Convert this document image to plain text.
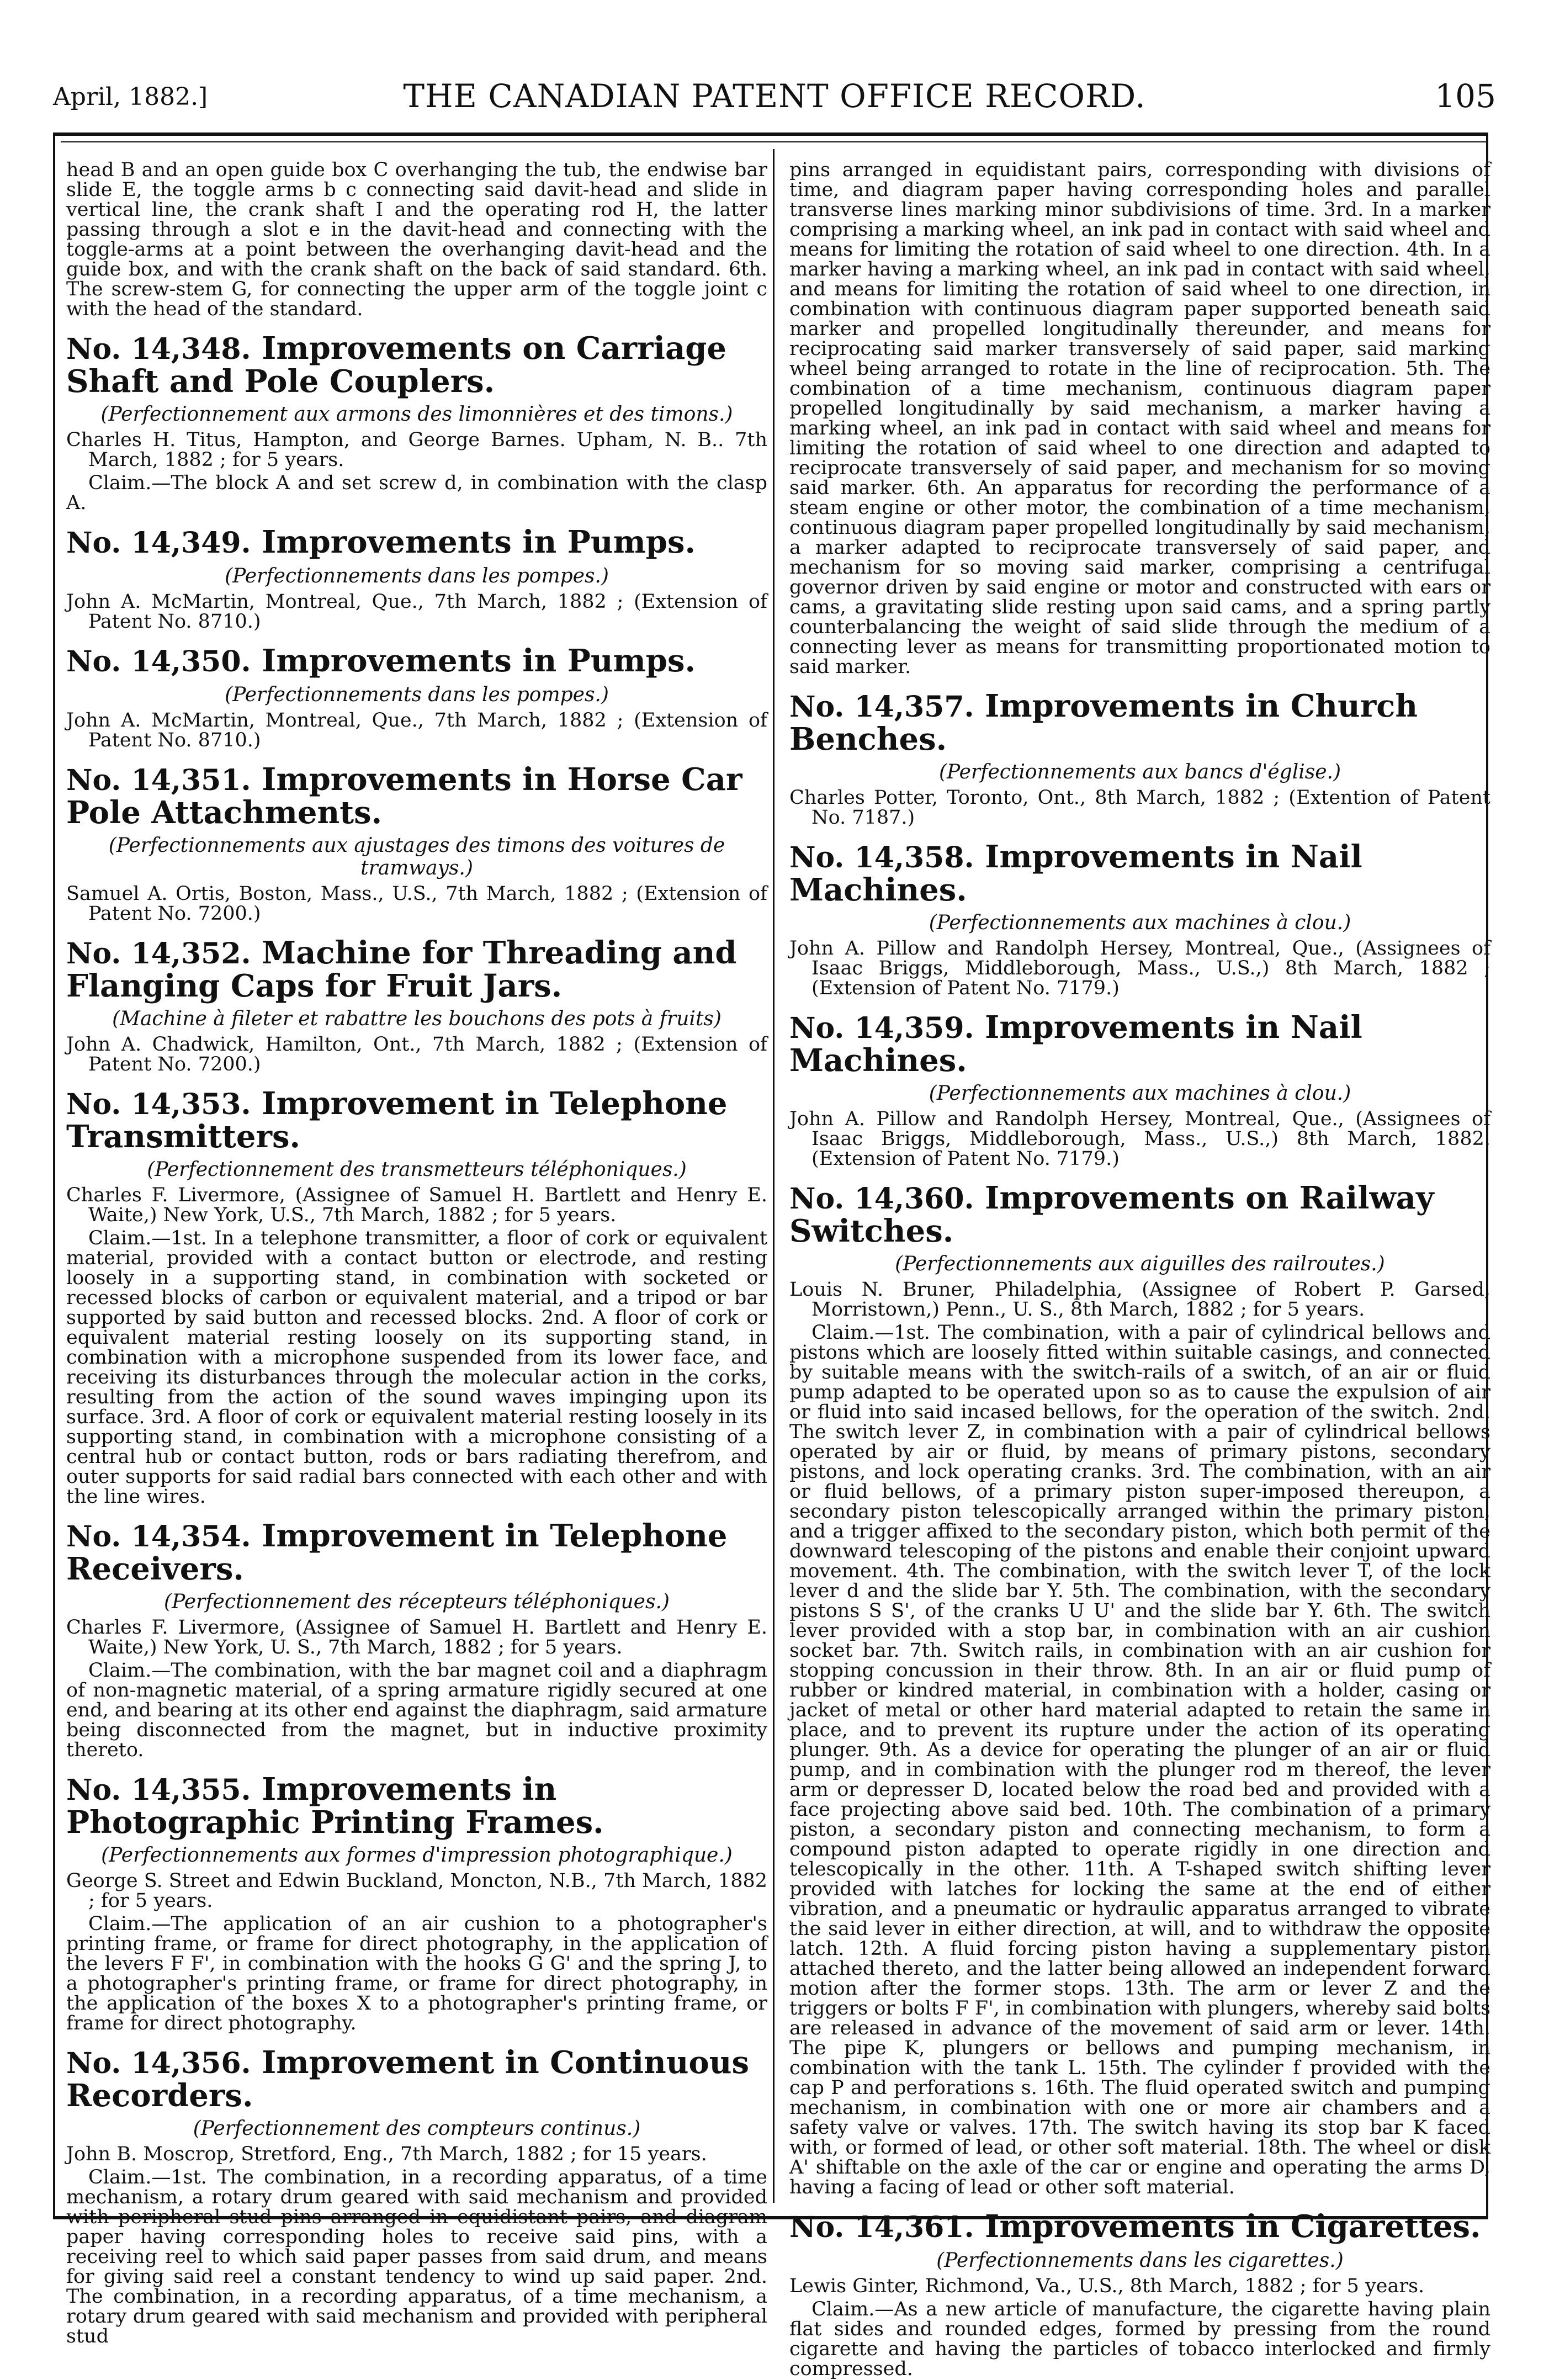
April, 1882.]	THE CANADIAN PATENT OFFICE RECORD.	105

head B and an open guide box C overhanging the tub, the endwise bar slide E, the toggle arms b c connecting said davit-head and slide in vertical line, the crank shaft I and the operating rod H, the latter passing through a slot e in the davit-head and connecting with the toggle-arms at a point between the overhanging davit-head and the guide box, and with the crank shaft on the back of said standard. 6th. The screw-stem G, for connecting the upper arm of the toggle joint c with the head of the standard.

No. 14,348. Improvements on Carriage Shaft and Pole Couplers.

(Perfectionnement aux armons des limonnières et des timons.)

Charles H. Titus, Hampton, and George Barnes. Upham, N. B.. 7th March, 1882 ; for 5 years.

Claim.—The block A and set screw d, in combination with the clasp A.

No. 14,349. Improvements in Pumps.

(Perfectionnements dans les pompes.)

John A. McMartin, Montreal, Que., 7th March, 1882 ; (Extension of Patent No. 8710.)

No. 14,350. Improvements in Pumps.

(Perfectionnements dans les pompes.)

John A. McMartin, Montreal, Que., 7th March, 1882 ; (Extension of Patent No. 8710.)

No. 14,351. Improvements in Horse Car Pole Attachments.

(Perfectionnements aux ajustages des timons des voitures de tramways.)

Samuel A. Ortis, Boston, Mass., U.S., 7th March, 1882 ; (Extension of Patent No. 7200.)

No. 14,352. Machine for Threading and Flanging Caps for Fruit Jars.

(Machine à fileter et rabattre les bouchons des pots à fruits)

John A. Chadwick, Hamilton, Ont., 7th March, 1882 ; (Extension of Patent No. 7200.)

No. 14,353. Improvement in Telephone Transmitters.

(Perfectionnement des transmetteurs téléphoniques.)

Charles F. Livermore, (Assignee of Samuel H. Bartlett and Henry E. Waite,) New York, U.S., 7th March, 1882 ; for 5 years.

Claim.—1st. In a telephone transmitter, a floor of cork or equivalent material, provided with a contact button or electrode, and resting loosely in a supporting stand, in combination with socketed or recessed blocks of carbon or equivalent material, and a tripod or bar supported by said button and recessed blocks. 2nd. A floor of cork or equivalent material resting loosely on its supporting stand, in combination with a microphone suspended from its lower face, and receiving its disturbances through the molecular action in the corks, resulting from the action of the sound waves impinging upon its surface. 3rd. A floor of cork or equivalent material resting loosely in its supporting stand, in combination with a microphone consisting of a central hub or contact button, rods or bars radiating therefrom, and outer supports for said radial bars connected with each other and with the line wires.

No. 14,354. Improvement in Telephone Receivers.

(Perfectionnement des récepteurs téléphoniques.)

Charles F. Livermore, (Assignee of Samuel H. Bartlett and Henry E. Waite,) New York, U. S., 7th March, 1882 ; for 5 years.

Claim.—The combination, with the bar magnet coil and a diaphragm of non-magnetic material, of a spring armature rigidly secured at one end, and bearing at its other end against the diaphragm, said armature being disconnected from the magnet, but in inductive proximity thereto.

No. 14,355. Improvements in Photographic Printing Frames.

(Perfectionnements aux formes d'impression photographique.)

George S. Street and Edwin Buckland, Moncton, N.B., 7th March, 1882 ; for 5 years.

Claim.—The application of an air cushion to a photographer's printing frame, or frame for direct photography, in the application of the levers F F', in combination with the hooks G G' and the spring J, to a photographer's printing frame, or frame for direct photography, in the application of the boxes X to a photographer's printing frame, or frame for direct photography.

No. 14,356. Improvement in Continuous Recorders.

(Perfectionnement des compteurs continus.)

John B. Moscrop, Stretford, Eng., 7th March, 1882 ; for 15 years.

Claim.—1st. The combination, in a recording apparatus, of a time mechanism, a rotary drum geared with said mechanism and provided with peripheral stud pins arranged in equidistant pairs, and diagram paper having corresponding holes to receive said pins, with a receiving reel to which said paper passes from said drum, and means for giving said reel a constant tendency to wind up said paper. 2nd. The combination, in a recording apparatus, of a time mechanism, a rotary drum geared with said mechanism and provided with peripheral stud

pins arranged in equidistant pairs, corresponding with divisions of time, and diagram paper having corresponding holes and parallel transverse lines marking minor subdivisions of time. 3rd. In a marker comprising a marking wheel, an ink pad in contact with said wheel and means for limiting the rotation of said wheel to one direction. 4th. In a marker having a marking wheel, an ink pad in contact with said wheel, and means for limiting the rotation of said wheel to one direction, in combination with continuous diagram paper supported beneath said marker and propelled longitudinally thereunder, and means for reciprocating said marker transversely of said paper, said marking wheel being arranged to rotate in the line of reciprocation. 5th. The combination of a time mechanism, continuous diagram paper propelled longitudinally by said mechanism, a marker having a marking wheel, an ink pad in contact with said wheel and means for limiting the rotation of said wheel to one direction and adapted to reciprocate transversely of said paper, and mechanism for so moving said marker. 6th. An apparatus for recording the performance of a steam engine or other motor, the combination of a time mechanism, continuous diagram paper propelled longitudinally by said mechanism, a marker adapted to reciprocate transversely of said paper, and mechanism for so moving said marker, comprising a centrifugal governor driven by said engine or motor and constructed with ears or cams, a gravitating slide resting upon said cams, and a spring partly counterbalancing the weight of said slide through the medium of a connecting lever as means for transmitting proportionated motion to said marker.

No. 14,357. Improvements in Church Benches.

(Perfectionnements aux bancs d'église.)

Charles Potter, Toronto, Ont., 8th March, 1882 ; (Extention of Patent No. 7187.)

No. 14,358. Improvements in Nail Machines.

(Perfectionnements aux machines à clou.)

John A. Pillow and Randolph Hersey, Montreal, Que., (Assignees of Isaac Briggs, Middleborough, Mass., U.S.,) 8th March, 1882 ; (Extension of Patent No. 7179.)

No. 14,359. Improvements in Nail Machines.

(Perfectionnements aux machines à clou.)

John A. Pillow and Randolph Hersey, Montreal, Que., (Assignees of Isaac Briggs, Middleborough, Mass., U.S.,) 8th March, 1882. (Extension of Patent No. 7179.)

No. 14,360. Improvements on Railway Switches.

(Perfectionnements aux aiguilles des railroutes.)

Louis N. Bruner, Philadelphia, (Assignee of Robert P. Garsed, Morristown,) Penn., U. S., 8th March, 1882 ; for 5 years.

Claim.—1st. The combination, with a pair of cylindrical bellows and pistons which are loosely fitted within suitable casings, and connected by suitable means with the switch-rails of a switch, of an air or fluid pump adapted to be operated upon so as to cause the expulsion of air or fluid into said incased bellows, for the operation of the switch. 2nd. The switch lever Z, in combination with a pair of cylindrical bellows operated by air or fluid, by means of primary pistons, secondary pistons, and lock operating cranks. 3rd. The combination, with an air or fluid bellows, of a primary piston super-imposed thereupon, a secondary piston telescopically arranged within the primary piston, and a trigger affixed to the secondary piston, which both permit of the downward telescoping of the pistons and enable their conjoint upward movement. 4th. The combination, with the switch lever T, of the lock lever d and the slide bar Y. 5th. The combination, with the secondary pistons S S', of the cranks U U' and the slide bar Y. 6th. The switch lever provided with a stop bar, in combination with an air cushion socket bar. 7th. Switch rails, in combination with an air cushion for stopping concussion in their throw. 8th. In an air or fluid pump of rubber or kindred material, in combination with a holder, casing or jacket of metal or other hard material adapted to retain the same in place, and to prevent its rupture under the action of its operating plunger. 9th. As a device for operating the plunger of an air or fluid pump, and in combination with the plunger rod m thereof, the lever arm or depresser D, located below the road bed and provided with a face projecting above said bed. 10th. The combination of a primary piston, a secondary piston and connecting mechanism, to form a compound piston adapted to operate rigidly in one direction and telescopically in the other. 11th. A T-shaped switch shifting lever provided with latches for locking the same at the end of either vibration, and a pneumatic or hydraulic apparatus arranged to vibrate the said lever in either direction, at will, and to withdraw the opposite latch. 12th. A fluid forcing piston having a supplementary piston attached thereto, and the latter being allowed an independent forward motion after the former stops. 13th. The arm or lever Z and the triggers or bolts F F', in combination with plungers, whereby said bolts are released in advance of the movement of said arm or lever. 14th. The pipe K, plungers or bellows and pumping mechanism, in combination with the tank L. 15th. The cylinder f provided with the cap P and perforations s. 16th. The fluid operated switch and pumping mechanism, in combination with one or more air chambers and a safety valve or valves. 17th. The switch having its stop bar K faced with, or formed of lead, or other soft material. 18th. The wheel or disk A' shiftable on the axle of the car or engine and operating the arms D, having a facing of lead or other soft material.

No. 14,361. Improvements in Cigarettes.

(Perfectionnements dans les cigarettes.)

Lewis Ginter, Richmond, Va., U.S., 8th March, 1882 ; for 5 years.

Claim.—As a new article of manufacture, the cigarette having plain flat sides and rounded edges, formed by pressing from the round cigarette and having the particles of tobacco interlocked and firmly compressed.
